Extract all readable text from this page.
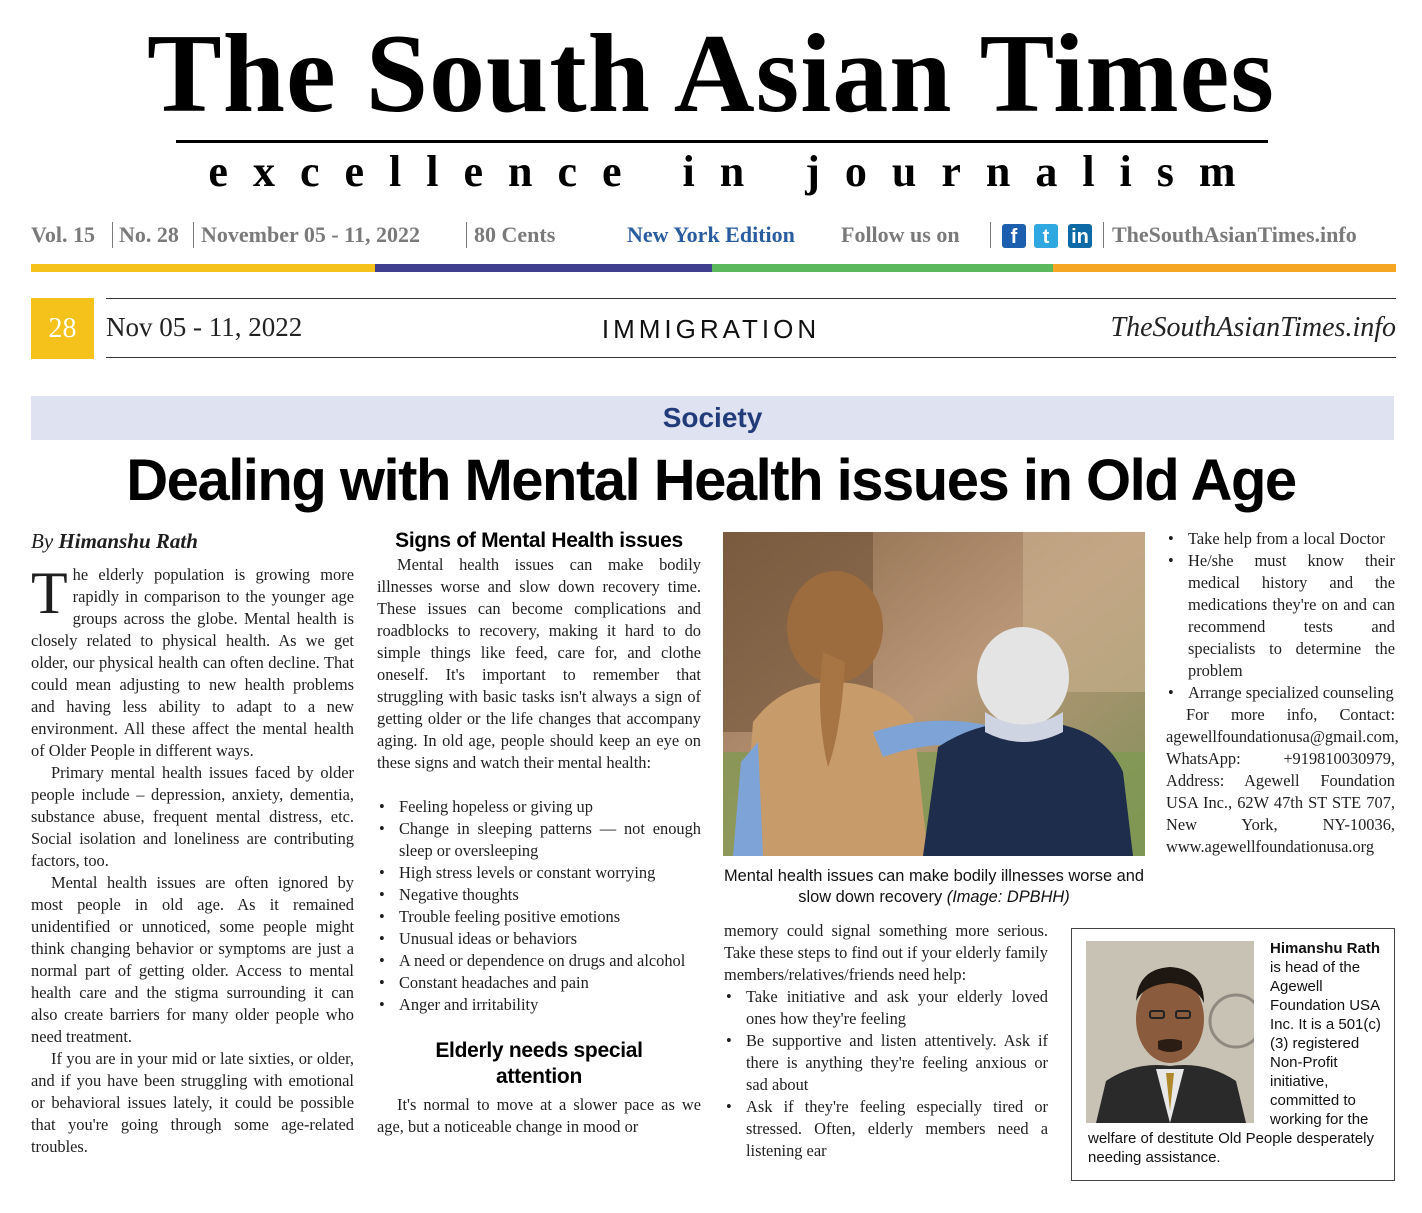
The South Asian Times
excellence in journalism
Vol. 15 No. 28 November 05 - 11, 2022 80 Cents	New York Edition Follow us on	f	t	in TheSouthAsianTimes.info
28	Nov 05 - 11, 2022	IMMIGRATION	TheSouthAsianTimes.info
Society
Dealing with Mental Health issues in Old Age

By Himanshu Rath

The elderly population is growing more rapidly in comparison to the younger age groups across the globe. Mental health is closely related to physical health. As we get older, our physical health can often decline. That could mean adjusting to new health problems and having less ability to adapt to a new environment. All these affect the mental health of Older People in different ways.

Primary mental health issues faced by older people include – depression, anxiety, dementia, substance abuse, frequent mental distress, etc. Social isolation and loneliness are contributing factors, too.

Mental health issues are often ignored by most people in old age. As it remained unidentified or unnoticed, some people might think changing behavior or symptoms are just a normal part of getting older. Access to mental health care and the stigma surrounding it can also create barriers for many older people who need treatment.

If you are in your mid or late sixties, or older, and if you have been struggling with emotional or behavioral issues lately, it could be possible that you're going through some age-related troubles.

Signs of Mental Health issues

Mental health issues can make bodily illnesses worse and slow down recovery time. These issues can become complications and roadblocks to recovery, making it hard to do simple things like feed, care for, and clothe oneself. It's important to remember that struggling with basic tasks isn't always a sign of getting older or the life changes that accompany aging. In old age, people should keep an eye on these signs and watch their mental health:

• Feeling hopeless or giving up
• Change in sleeping patterns — not enough sleep or oversleeping
• High stress levels or constant worrying
• Negative thoughts
• Trouble feeling positive emotions
• Unusual ideas or behaviors
• A need or dependence on drugs and alcohol
• Constant headaches and pain
• Anger and irritability
Elderly needs special attention

It's normal to move at a slower pace as we age, but a noticeable change in mood or

Mental health issues can make bodily illnesses worse and slow down recovery (Image: DPBHH)

memory could signal something more serious. Take these steps to find out if your elderly family members/relatives/friends need help:

• Take initiative and ask your elderly loved ones how they're feeling
• Be supportive and listen attentively. Ask if there is anything they're feeling anxious or sad about
• Ask if they're feeling especially tired or stressed. Often, elderly members need a listening ear
• Take help from a local Doctor
• He/she must know their medical history and the medications they're on and can recommend tests and specialists to determine the problem
• Arrange specialized counseling

For more info, Contact: agewellfoundationusa@gmail.com, WhatsApp: +919810030979, Address: Agewell Foundation USA Inc., 62W 47th ST STE 707, New York, NY-10036, www.agewellfoundationusa.org

Himanshu Rath is head of the Agewell Foundation USA Inc. It is a 501(c)(3) registered Non-Profit initiative, committed to working for the welfare of destitute Old People desperately needing assistance.
